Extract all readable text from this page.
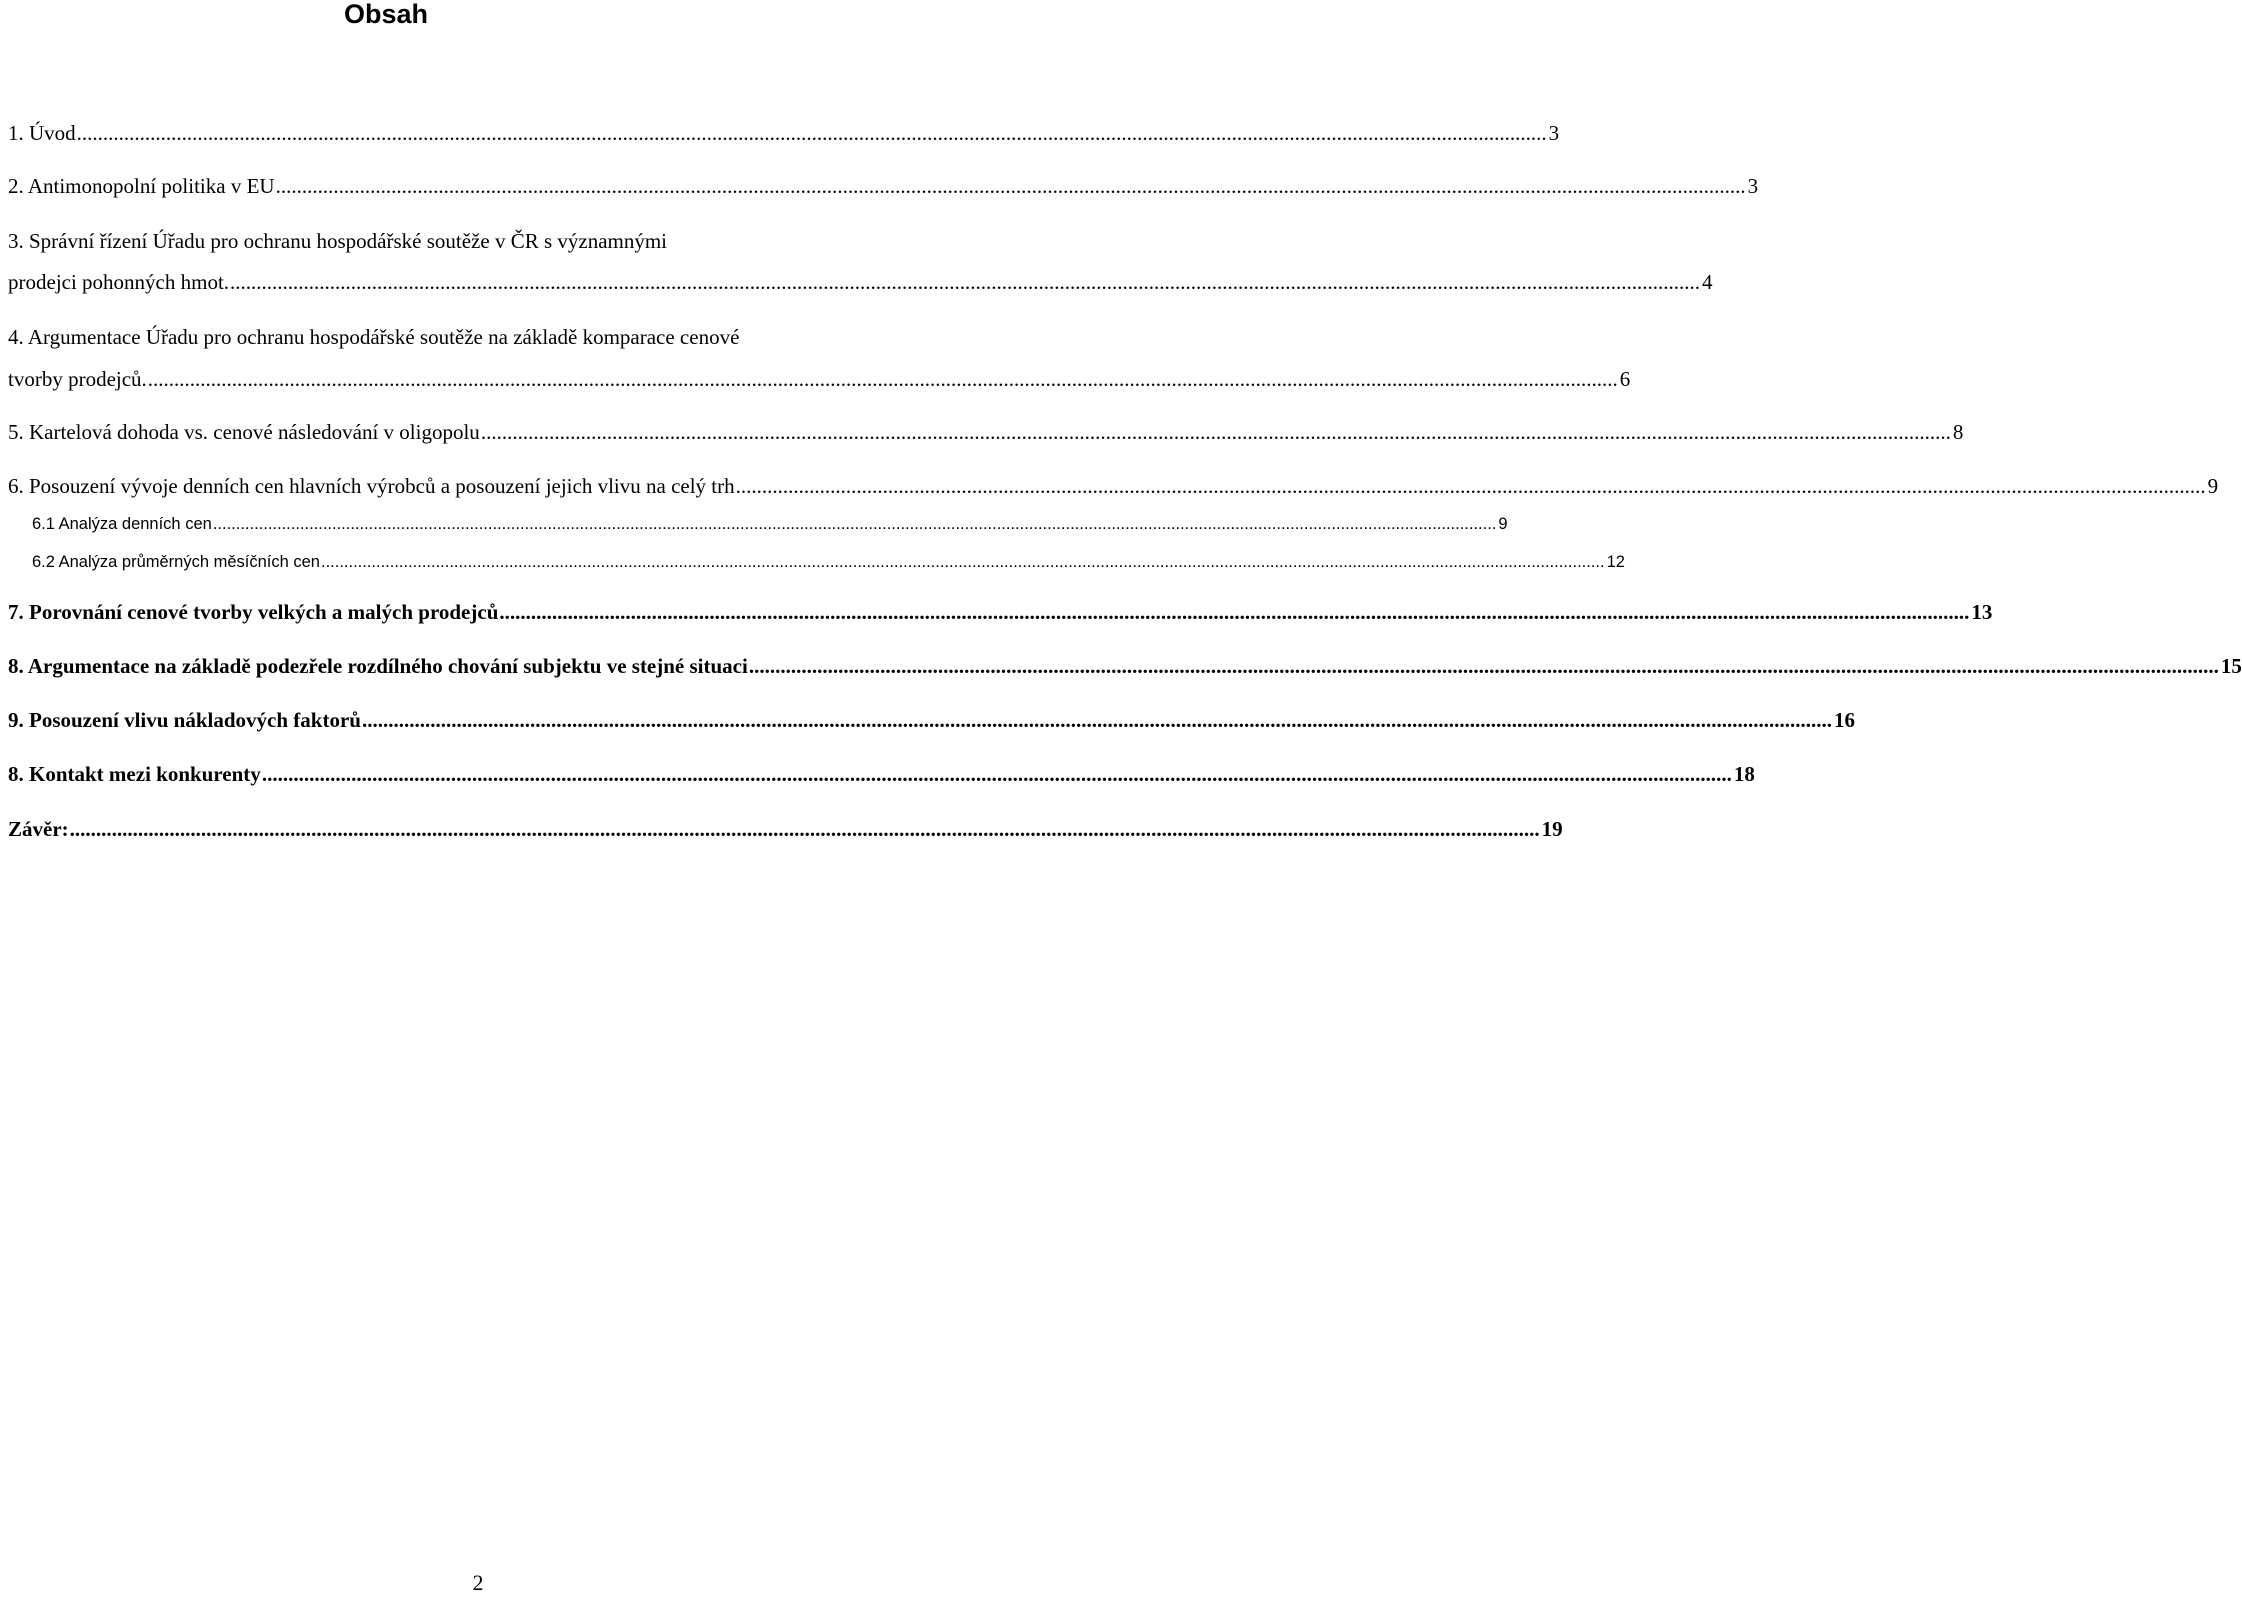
Obsah
1. Úvod .....	3
2. Antimonopolní politika v EU .....	3
3. Správní řízení Úřadu pro ochranu hospodářské soutěže v ČR s významnými
prodejci pohonných hmot. .....	4
4. Argumentace Úřadu pro ochranu hospodářské soutěže na základě komparace cenové
tvorby prodejců. .....	6
5. Kartelová dohoda vs. cenové následování v oligopolu .....	8
6. Posouzení vývoje denních cen hlavních výrobců a posouzení jejich vlivu na celý trh .....	9
6.1 Analýza denních cen .....	9
6.2 Analýza průměrných měsíčních cen .....	12
7. Porovnání cenové tvorby velkých a malých prodejců .....	13
8. Argumentace na základě podezřele rozdílného chování subjektu ve stejné situaci .....	15
9. Posouzení vlivu nákladových faktorů .....	16
8. Kontakt mezi konkurenty .....	18
Závěr: .....	19
2
